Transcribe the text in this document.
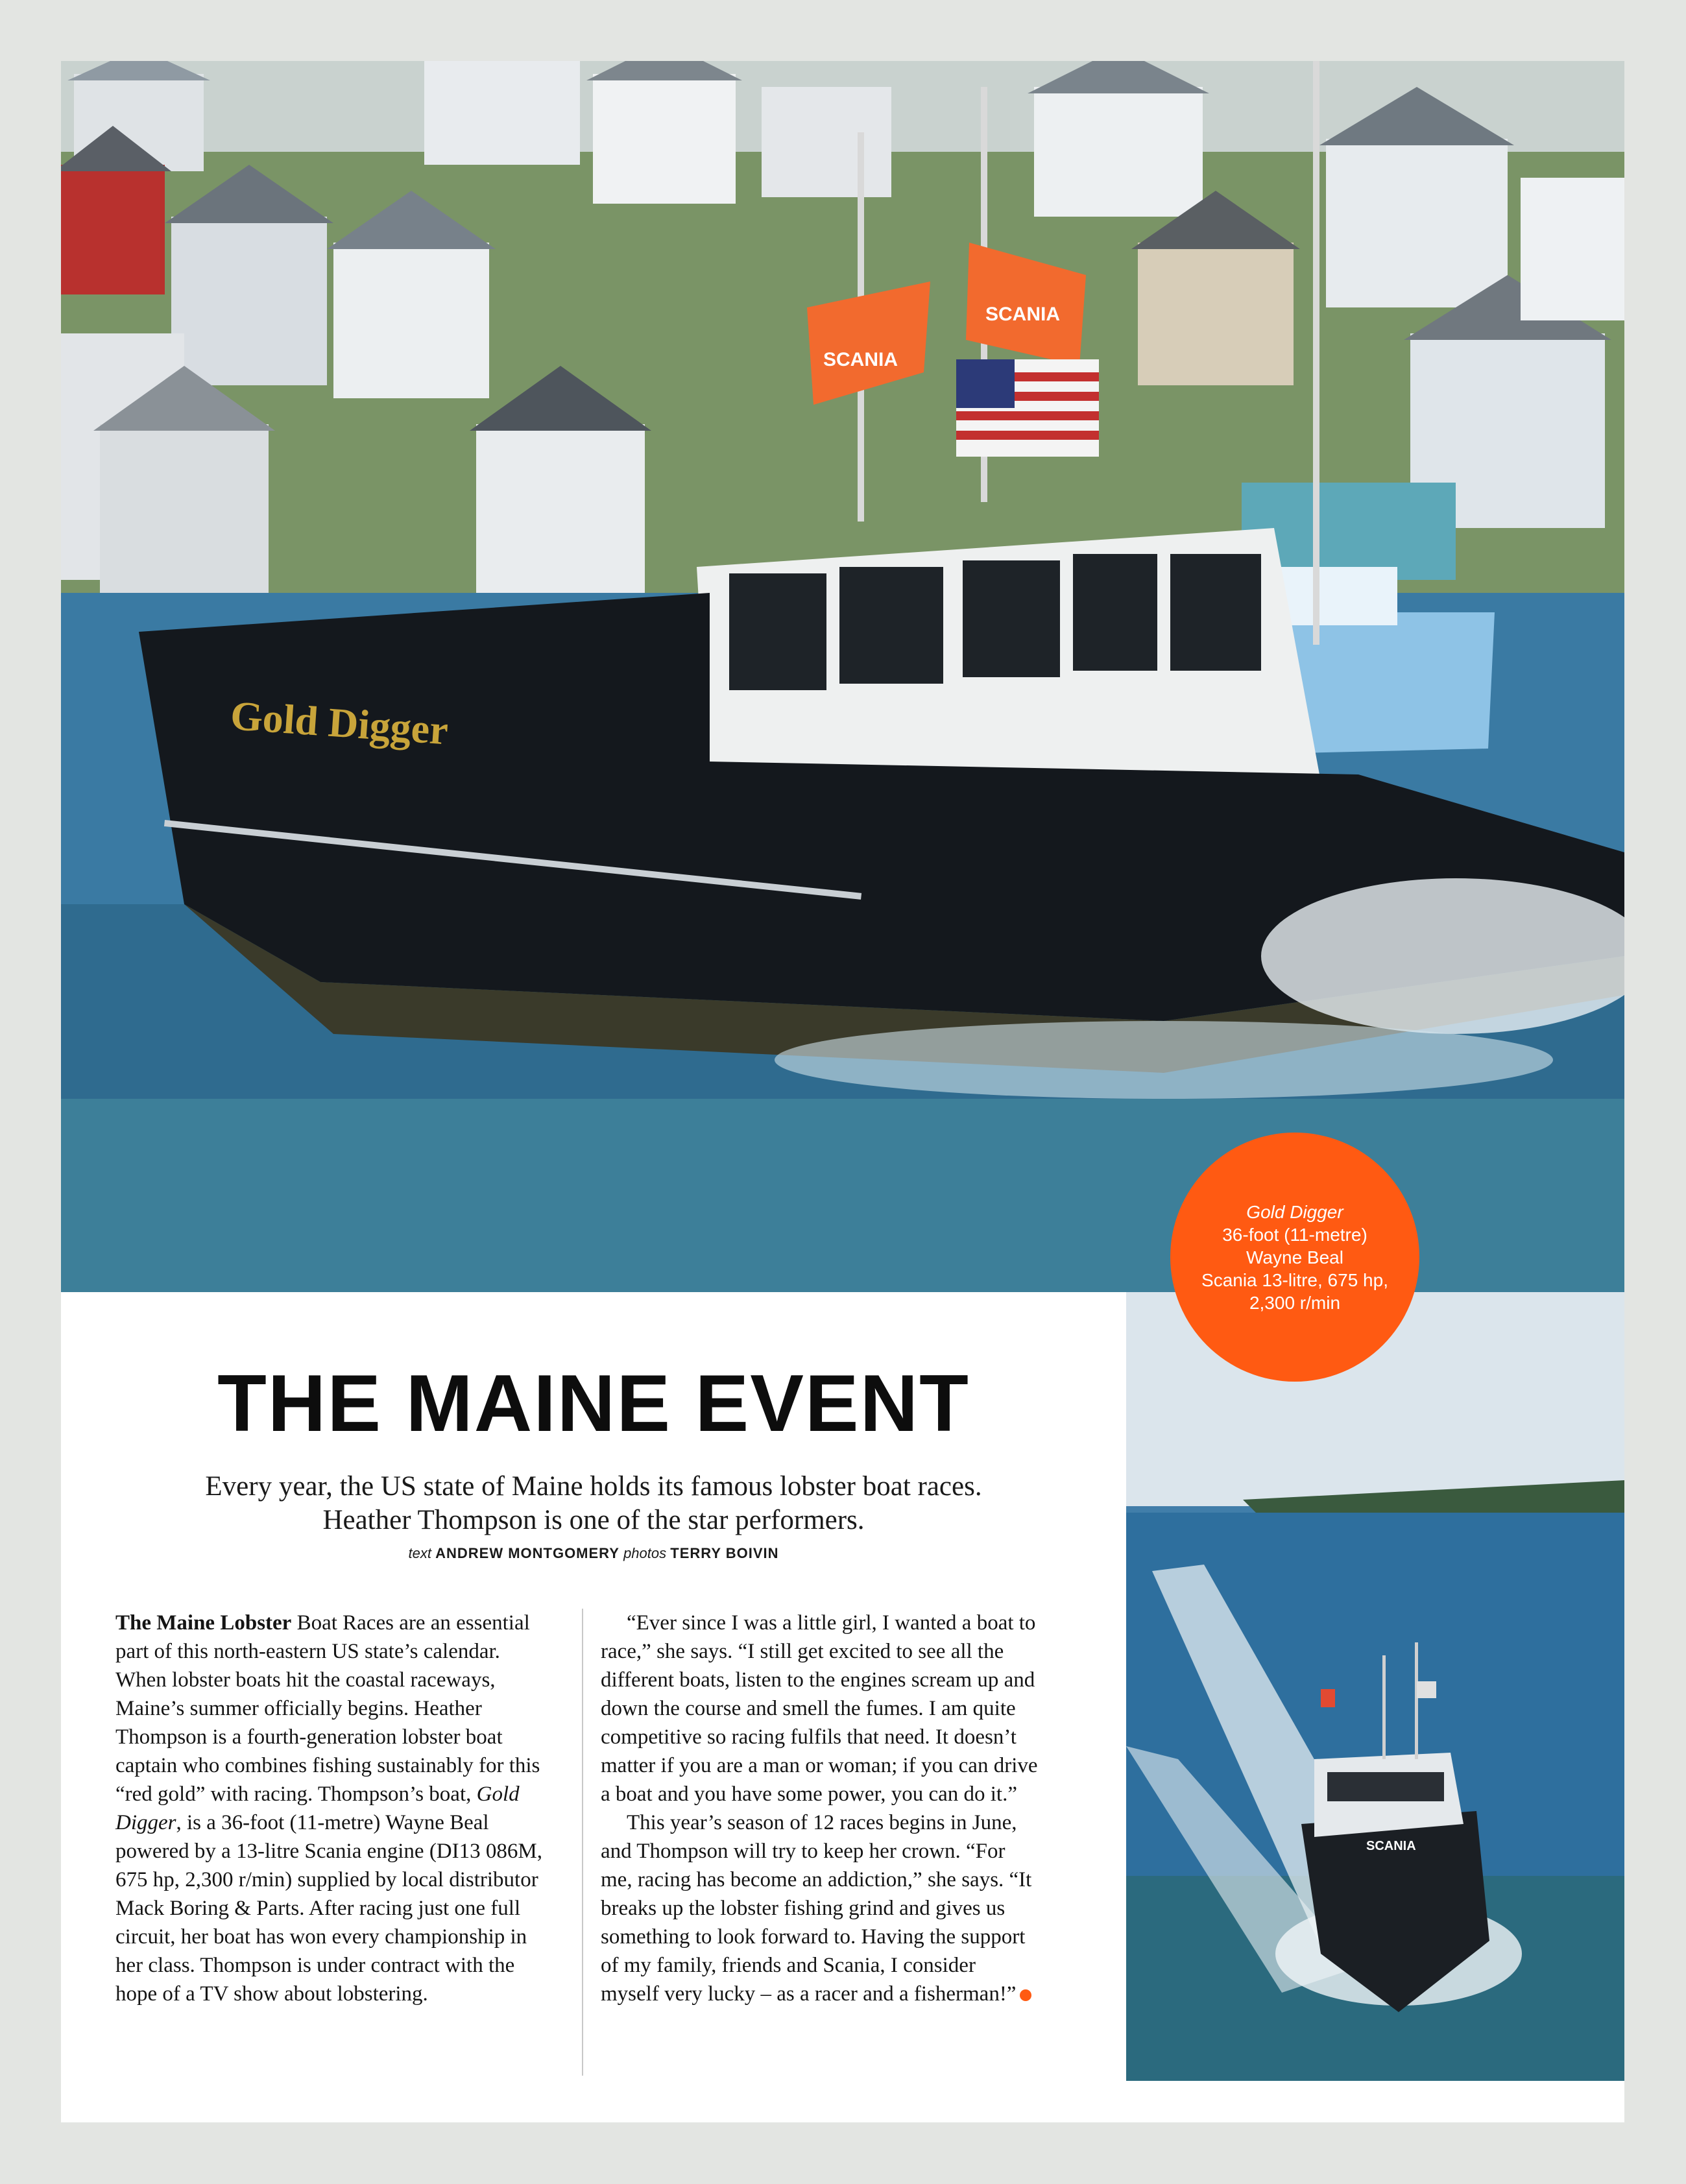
SCANIA
SCANIA
Gold Digger
SCANIA
Gold Digger
36-foot (11-metre)
Wayne Beal
Scania 13-litre, 675 hp,
2,300 r/min
THE MAINE EVENT

Every year, the US state of Maine holds its famous lobster boat races.
Heather Thompson is one of the star performers.

text ANDREW MONTGOMERY photos TERRY BOIVIN

The Maine Lobster Boat Races are an essential part of this north-eastern US state’s calendar. When lobster boats hit the coastal raceways, Maine’s summer officially begins. Heather Thompson is a fourth-generation lobster boat captain who combines fishing sustainably for this “red gold” with racing. Thompson’s boat, Gold Digger, is a 36-foot (11-metre) Wayne Beal powered by a 13-litre Scania engine (DI13 086M, 675 hp, 2,300 r/min) supplied by local distributor Mack Boring & Parts. After racing just one full circuit, her boat has won every championship in her class. Thompson is under contract with the hope of a TV show about lobstering.

“Ever since I was a little girl, I wanted a boat to race,” she says. “I still get excited to see all the different boats, listen to the engines scream up and down the course and smell the fumes. I am quite competitive so racing fulfils that need. It doesn’t matter if you are a man or woman; if you can drive a boat and you have some power, you can do it.”

This year’s season of 12 races begins in June, and Thompson will try to keep her crown. “For me, racing has become an addiction,” she says. “It breaks up the lobster fishing grind and gives us something to look forward to. Having the support of my family, friends and Scania, I consider myself very lucky – as a racer and a fisherman!”
